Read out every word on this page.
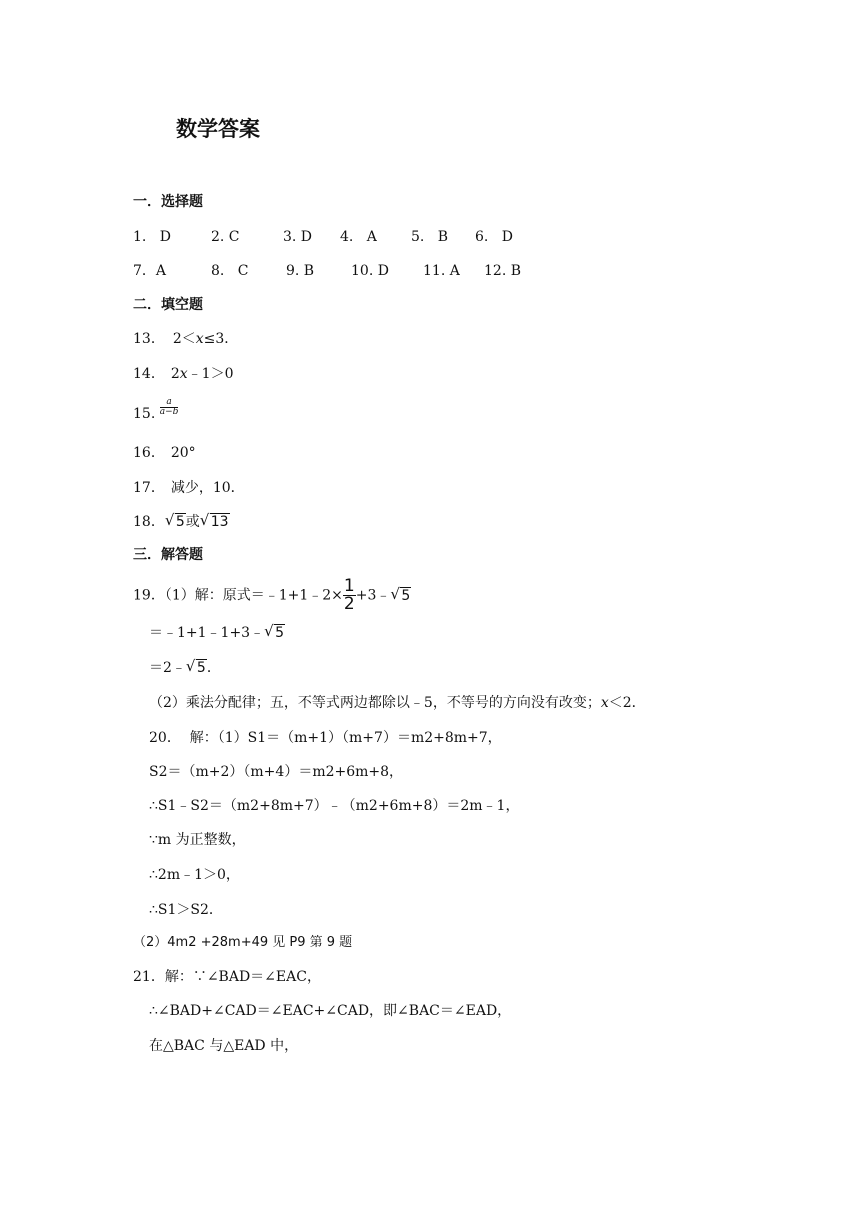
数学答案
一．选择题
1.   D	2. C	3. D 4.   A 5.   B 6.   D
7．A	8.   C	9. B	10. D 11. A 12. B
二．填空题
13． 2＜x≤3．
14． 2x﹣1＞0
15. $\frac{a}{a-b}$
16． 20°
17． 减少，10．
18． √ 5或 √ 13
三．解答题
19．（1）解：原式＝﹣1+1﹣2× $\frac{1}{2}$ +3﹣ √ 5
＝﹣1+1﹣1+3﹣ √ 5
＝2﹣ √ 5．
（2）乘法分配律；五，不等式两边都除以﹣5，不等号的方向没有改变；x＜2．
20．  解：（1）S1＝（m+1）（m+7）＝m2+8m+7，
S2＝（m+2）（m+4）＝m2+6m+8，
∴S1﹣S2＝（m2+8m+7）﹣（m2+6m+8）＝2m﹣1，
∵m 为正整数，
∴2m﹣1＞0，
∴S1＞S2．
（2）4m2 +28m+49 见 P9 第 9 题
21．解：∵∠BAD＝∠EAC，
∴∠BAD+∠CAD＝∠EAC+∠CAD，即∠BAC＝∠EAD，
在△BAC 与△EAD 中，
